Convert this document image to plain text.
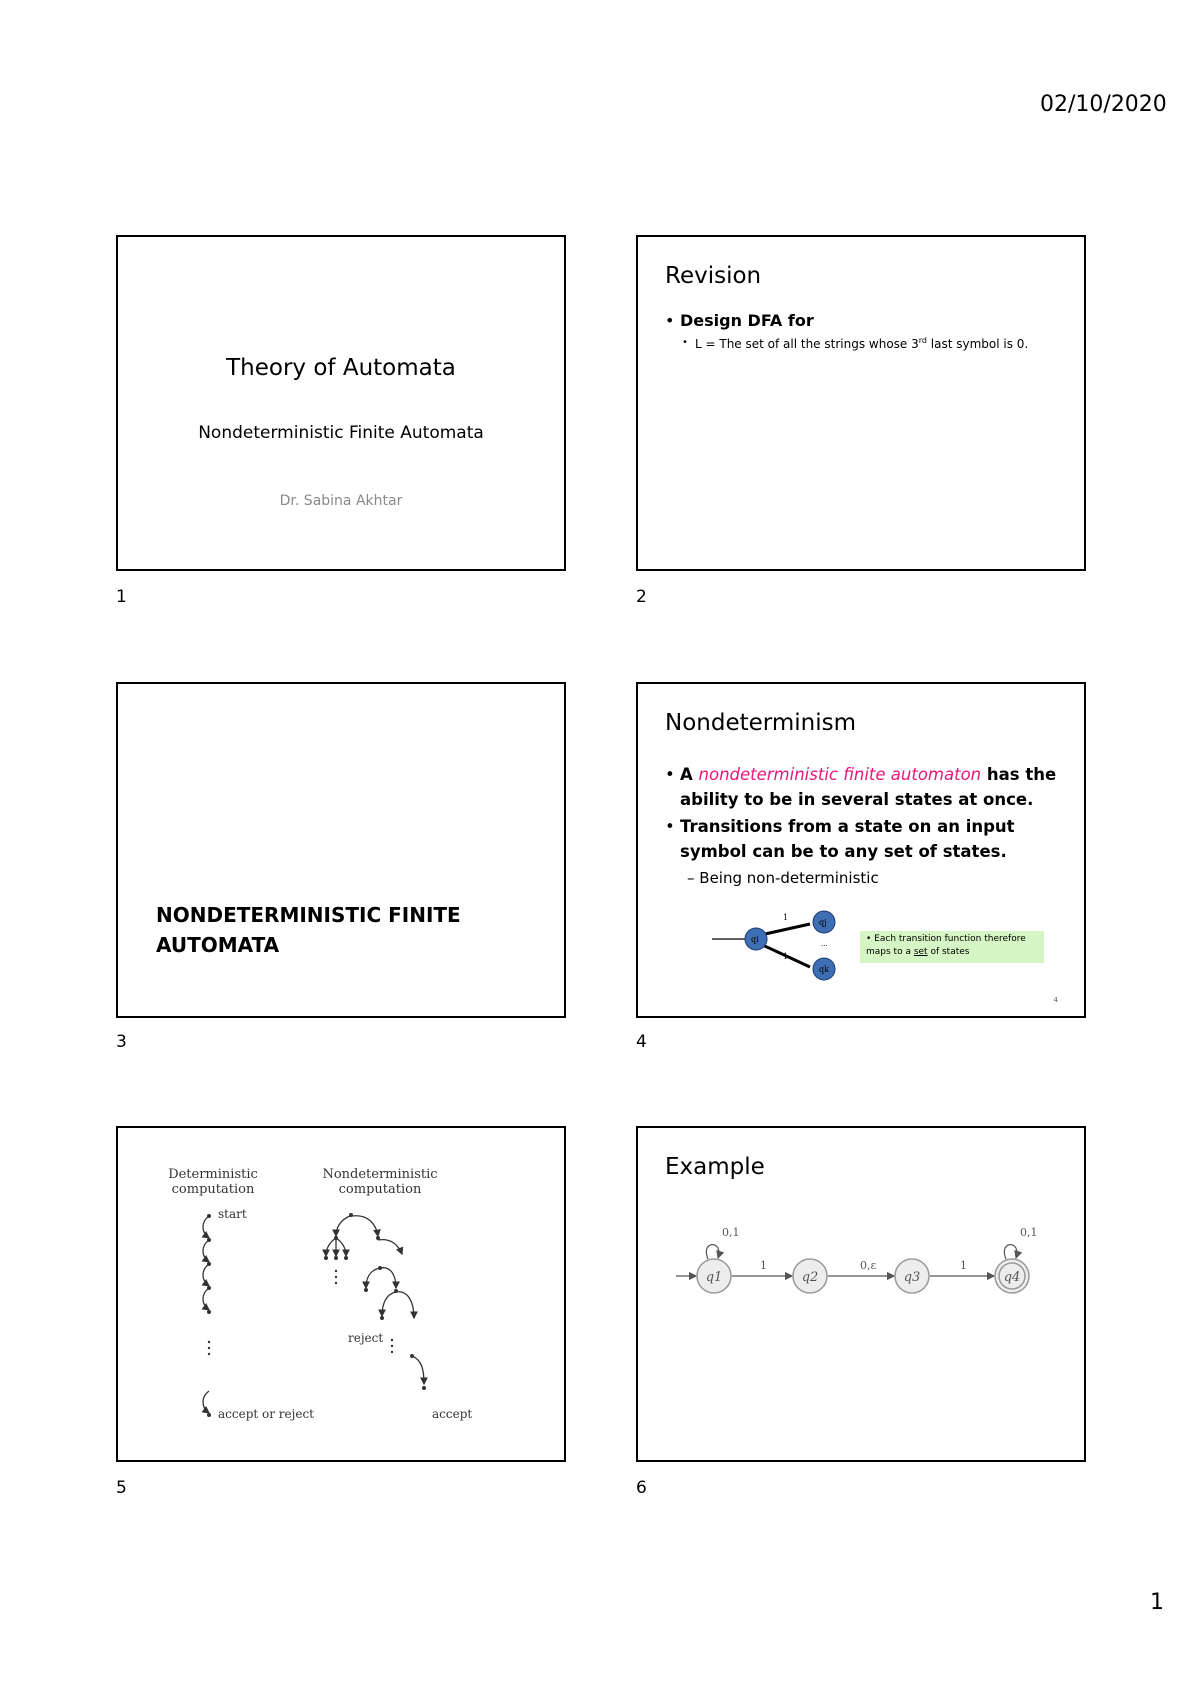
02/10/2020
Theory of Automata
Nondeterministic Finite Automata
Dr. Sabina Akhtar
1
Revision
• Design DFA for
• L = The set of all the strings whose 3rd last symbol is 0.
2
NONDETERMINISTIC FINITE
AUTOMATA
3
Nondeterminism
• A nondeterministic finite automaton has the ability to be in several states at once.
• Transitions from a state on an input symbol can be to any set of states.
– Being non-deterministic
qi
qj
qk
1
1
...	• Each transition function therefore maps to a set of states
4
4
Deterministic
computation
Nondeterministic
computation
start
accept or reject
reject
accept
5
Example
q1	q2	q3	q4
0,1	0,1
1	0,ε	1
6
1
